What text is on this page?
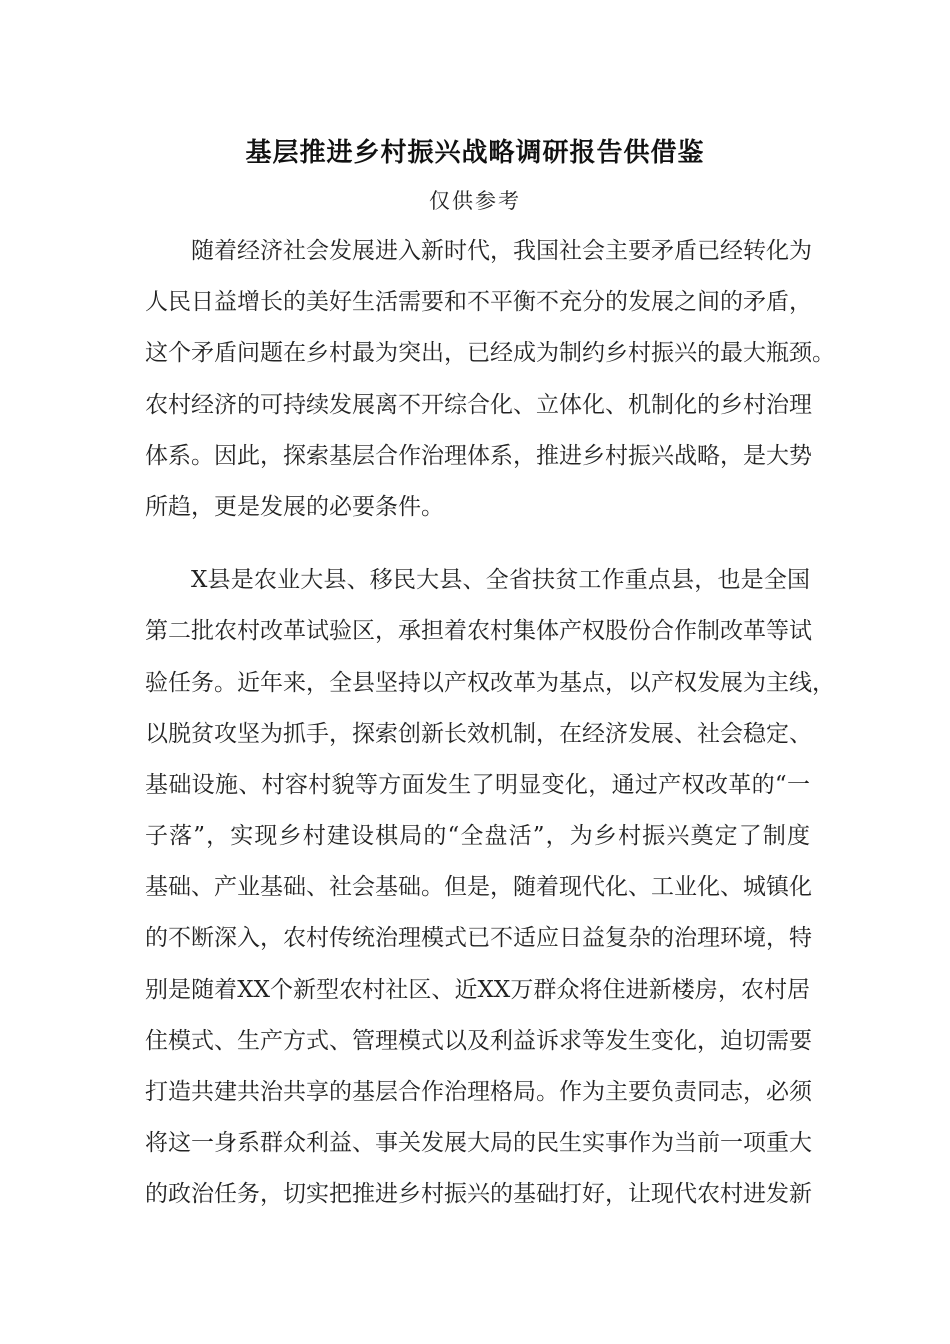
基层推进乡村振兴战略调研报告供借鉴
仅供参考
随着经济社会发展进入新时代，我国社会主要矛盾已经转化为
人民日益增长的美好生活需要和不平衡不充分的发展之间的矛盾，
这个矛盾问题在乡村最为突出，已经成为制约乡村振兴的最大瓶颈。
农村经济的可持续发展离不开综合化、立体化、机制化的乡村治理
体系。因此，探索基层合作治理体系，推进乡村振兴战略，是大势
所趋，更是发展的必要条件。
X县是农业大县、移民大县、全省扶贫工作重点县，也是全国
第二批农村改革试验区，承担着农村集体产权股份合作制改革等试
验任务。近年来，全县坚持以产权改革为基点，以产权发展为主线，
以脱贫攻坚为抓手，探索创新长效机制，在经济发展、社会稳定、
基础设施、村容村貌等方面发生了明显变化，通过产权改革的“一
子落”，实现乡村建设棋局的“全盘活”，为乡村振兴奠定了制度
基础、产业基础、社会基础。但是，随着现代化、工业化、城镇化
的不断深入，农村传统治理模式已不适应日益复杂的治理环境，特
别是随着XX个新型农村社区、近XX万群众将住进新楼房，农村居
住模式、生产方式、管理模式以及利益诉求等发生变化，迫切需要
打造共建共治共享的基层合作治理格局。作为主要负责同志，必须
将这一身系群众利益、事关发展大局的民生实事作为当前一项重大
的政治任务，切实把推进乡村振兴的基础打好，让现代农村进发新
